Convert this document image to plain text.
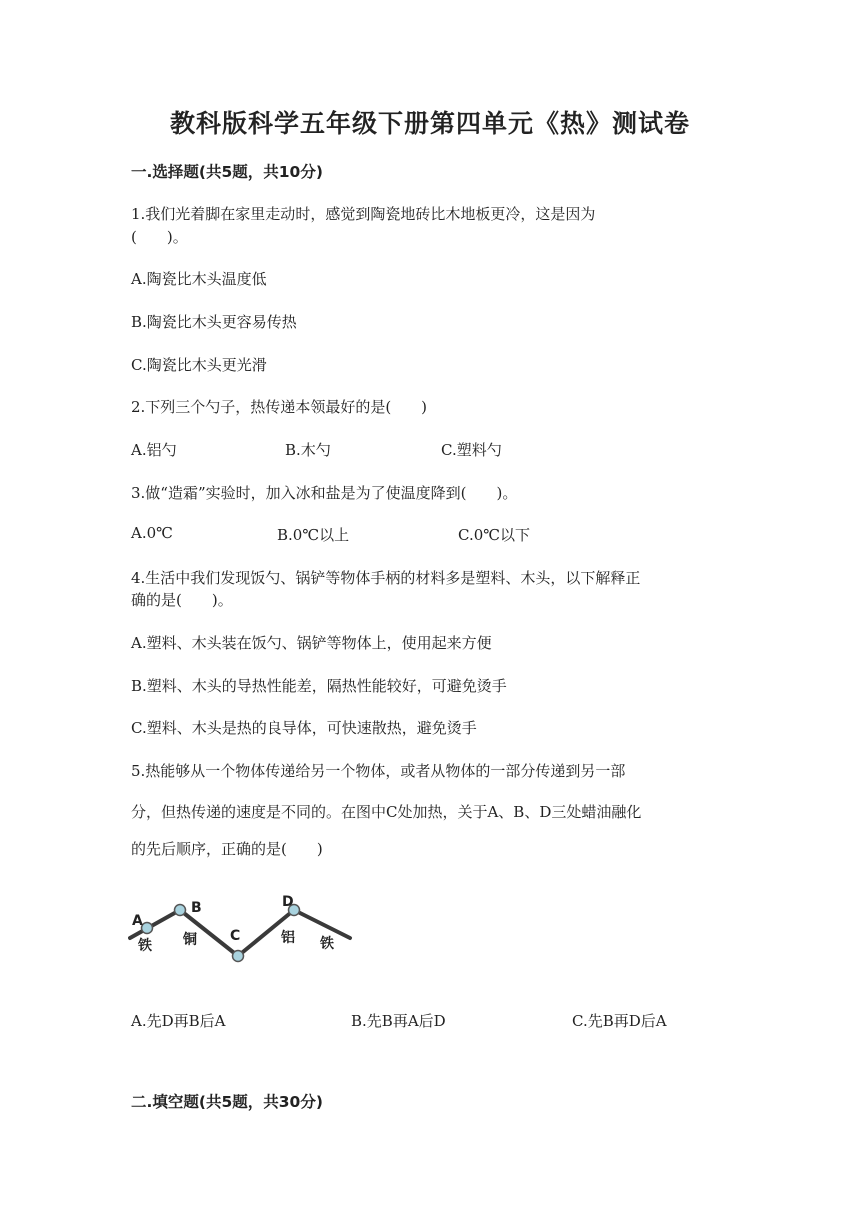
教科版科学五年级下册第四单元《热》测试卷
一.选择题(共5题，共10分)
1.我们光着脚在家里走动时，感觉到陶瓷地砖比木地板更冷，这是因为
(　　)。
A.陶瓷比木头温度低
B.陶瓷比木头更容易传热
C.陶瓷比木头更光滑
2.下列三个勺子，热传递本领最好的是(　　)
A.铝勺	B.木勺	C.塑料勺
3.做“造霜”实验时，加入冰和盐是为了使温度降到(　　)。
A.0℃	B.0℃以上	C.0℃以下
4.生活中我们发现饭勺、锅铲等物体手柄的材料多是塑料、木头，以下解释正
确的是(　　)。
A.塑料、木头装在饭勺、锅铲等物体上，使用起来方便
B.塑料、木头的导热性能差，隔热性能较好，可避免烫手
C.塑料、木头是热的良导体，可快速散热，避免烫手
5.热能够从一个物体传递给另一个物体，或者从物体的一部分传递到另一部
分，但热传递的速度是不同的。在图中C处加热，关于A、B、D三处蜡油融化
的先后顺序，正确的是(　　)
A
B
C
D
铁 铜	铝 铁
A.先D再B后A	B.先B再A后D	C.先B再D后A
二.填空题(共5题，共30分)
